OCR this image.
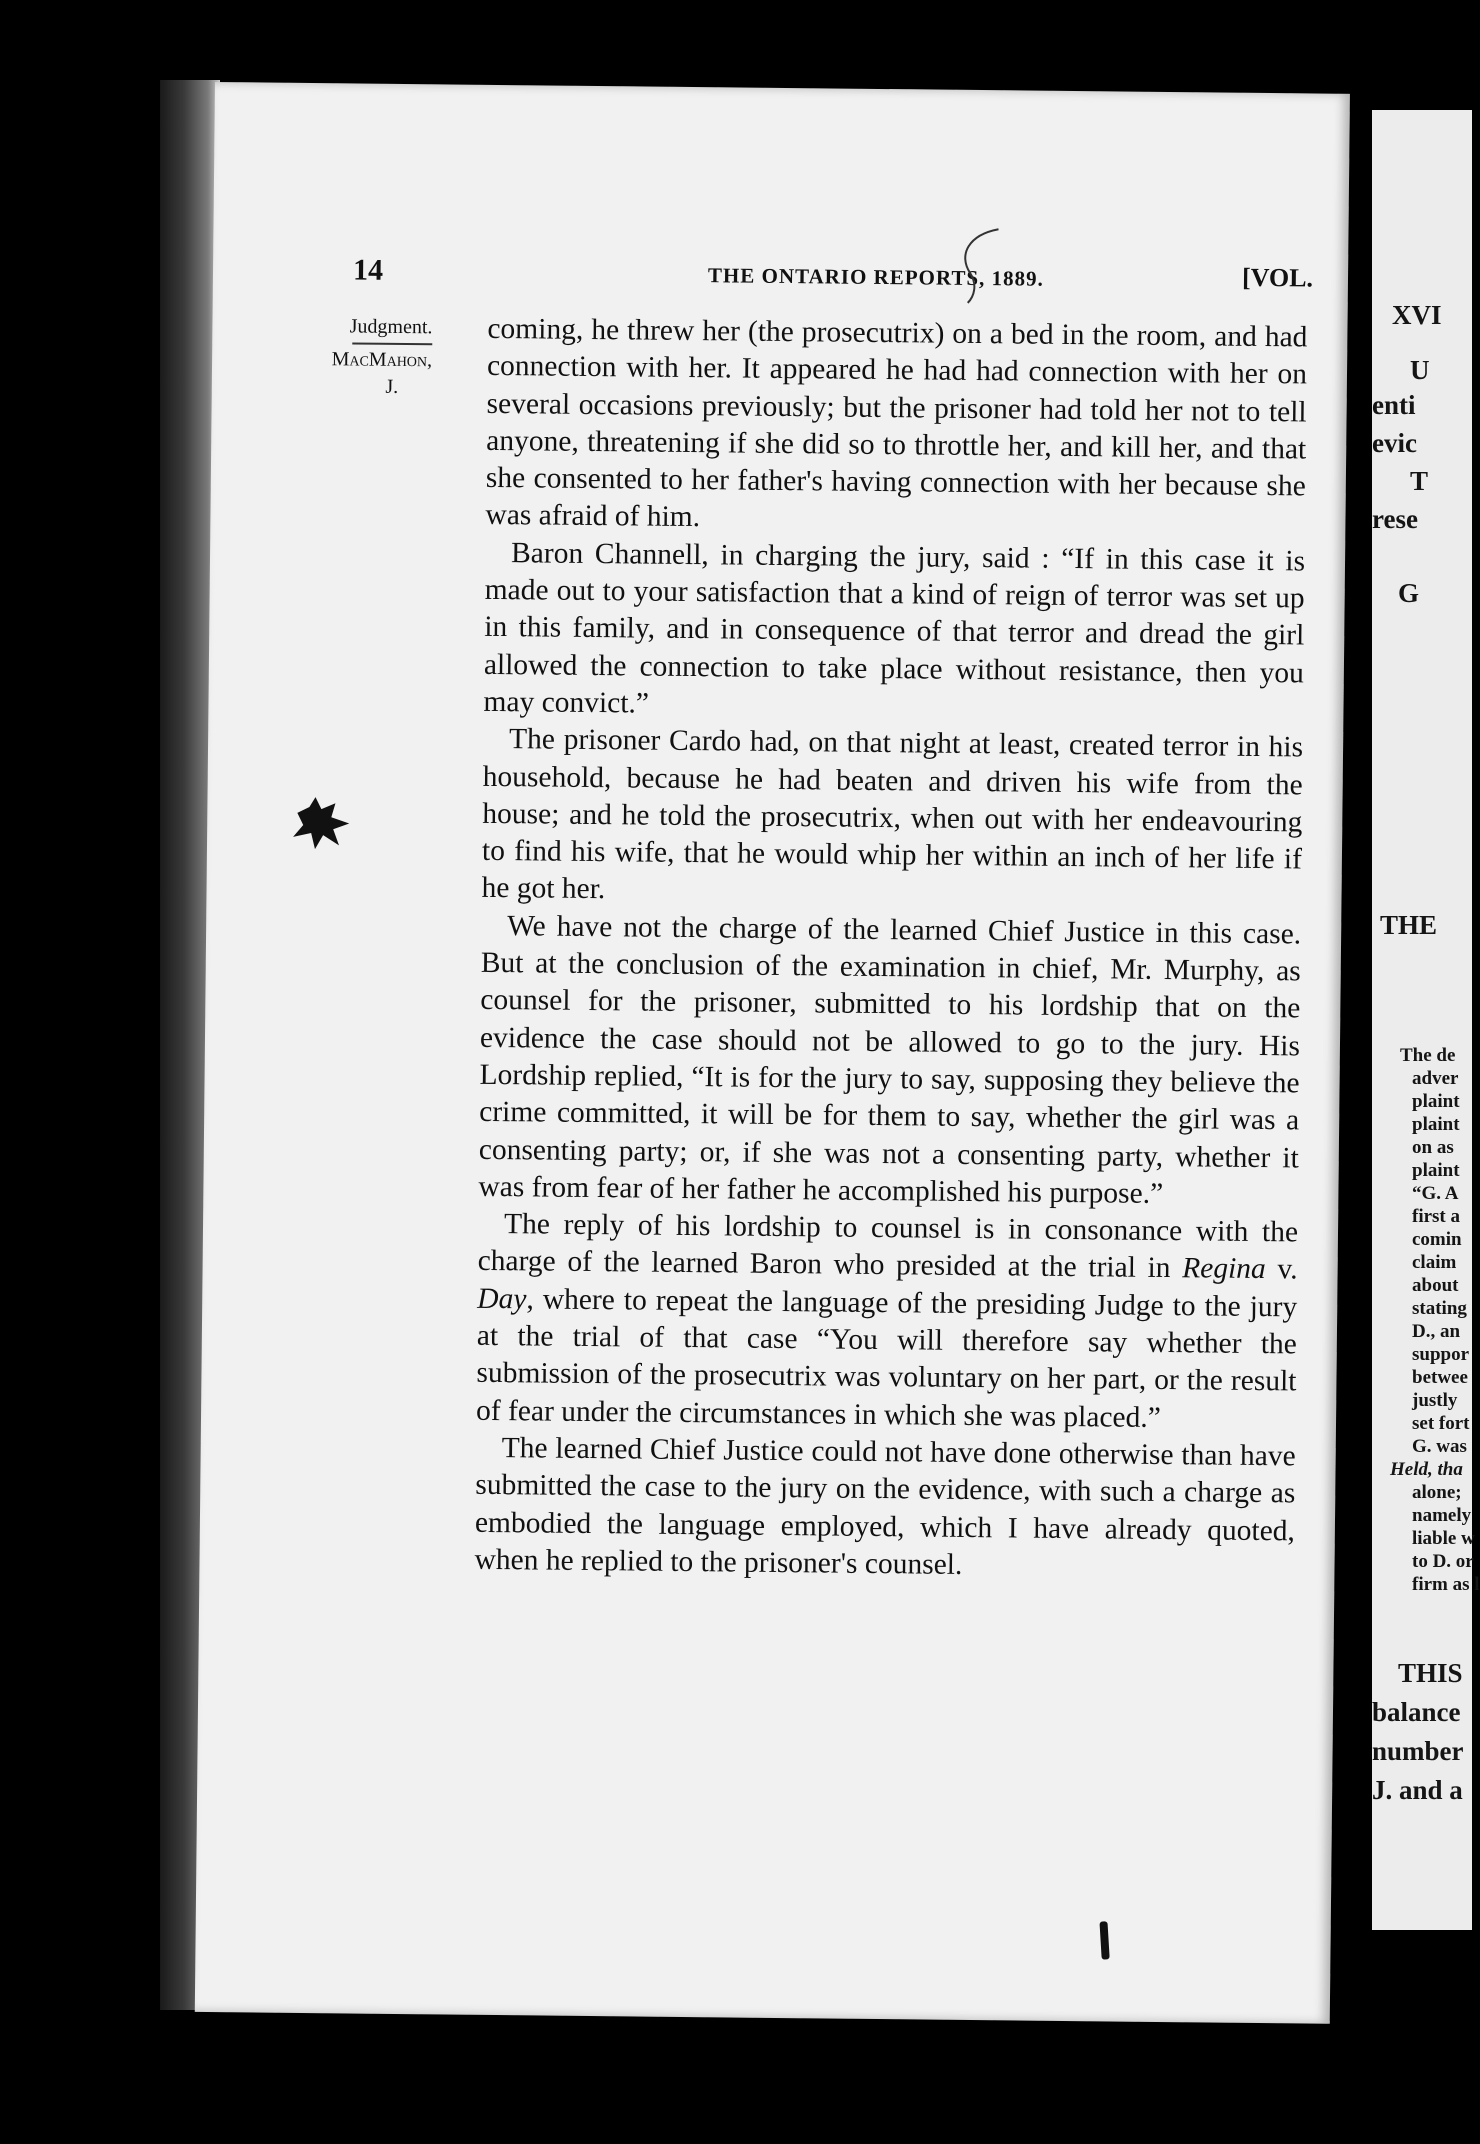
14	THE ONTARIO REPORTS, 1889.	[VOL.
Judgment.
MacMahon,
J.

coming, he threw her (the prosecutrix) on a bed in the room, and had connection with her. It appeared he had had connection with her on several occasions previously; but the prisoner had told her not to tell anyone, threatening if she did so to throttle her, and kill her, and that she consented to her father's having connection with her because she was afraid of him.

Baron Channell, in charging the jury, said : “If in this case it is made out to your satisfaction that a kind of reign of terror was set up in this family, and in consequence of that terror and dread the girl allowed the connection to take place without resistance, then you may convict.”

The prisoner Cardo had, on that night at least, created terror in his household, because he had beaten and driven his wife from the house; and he told the prosecutrix, when out with her endeavouring to find his wife, that he would whip her within an inch of her life if he got her.

We have not the charge of the learned Chief Justice in this case. But at the conclusion of the examination in chief, Mr. Murphy, as counsel for the prisoner, submitted to his lordship that on the evidence the case should not be allowed to go to the jury. His Lordship replied, “It is for the jury to say, supposing they believe the crime committed, it will be for them to say, whether the girl was a consenting party; or, if she was not a consenting party, whether it was from fear of her father he accomplished his purpose.”

The reply of his lordship to counsel is in consonance with the charge of the learned Baron who presided at the trial in Regina v. Day, where to repeat the language of the presiding Judge to the jury at the trial of that case “You will therefore say whether the submission of the prosecutrix was voluntary on her part, or the result of fear under the circumstances in which she was placed.”

The learned Chief Justice could not have done otherwise than have submitted the case to the jury on the evidence, with such a charge as embodied the language employed, which I have already quoted, when he replied to the prisoner's counsel.

XVI
U
enti
evic
T
rese
G
THE
The de
adver
plaint
plaint
on as
plaint
“G. A
first a
comin
claim
about
stating
D., an
suppor
betwee
justly
set fort
G. was
Held, tha
alone;
namely
liable w
to D. or
firm as l
THIS
balance
number
J. and a
